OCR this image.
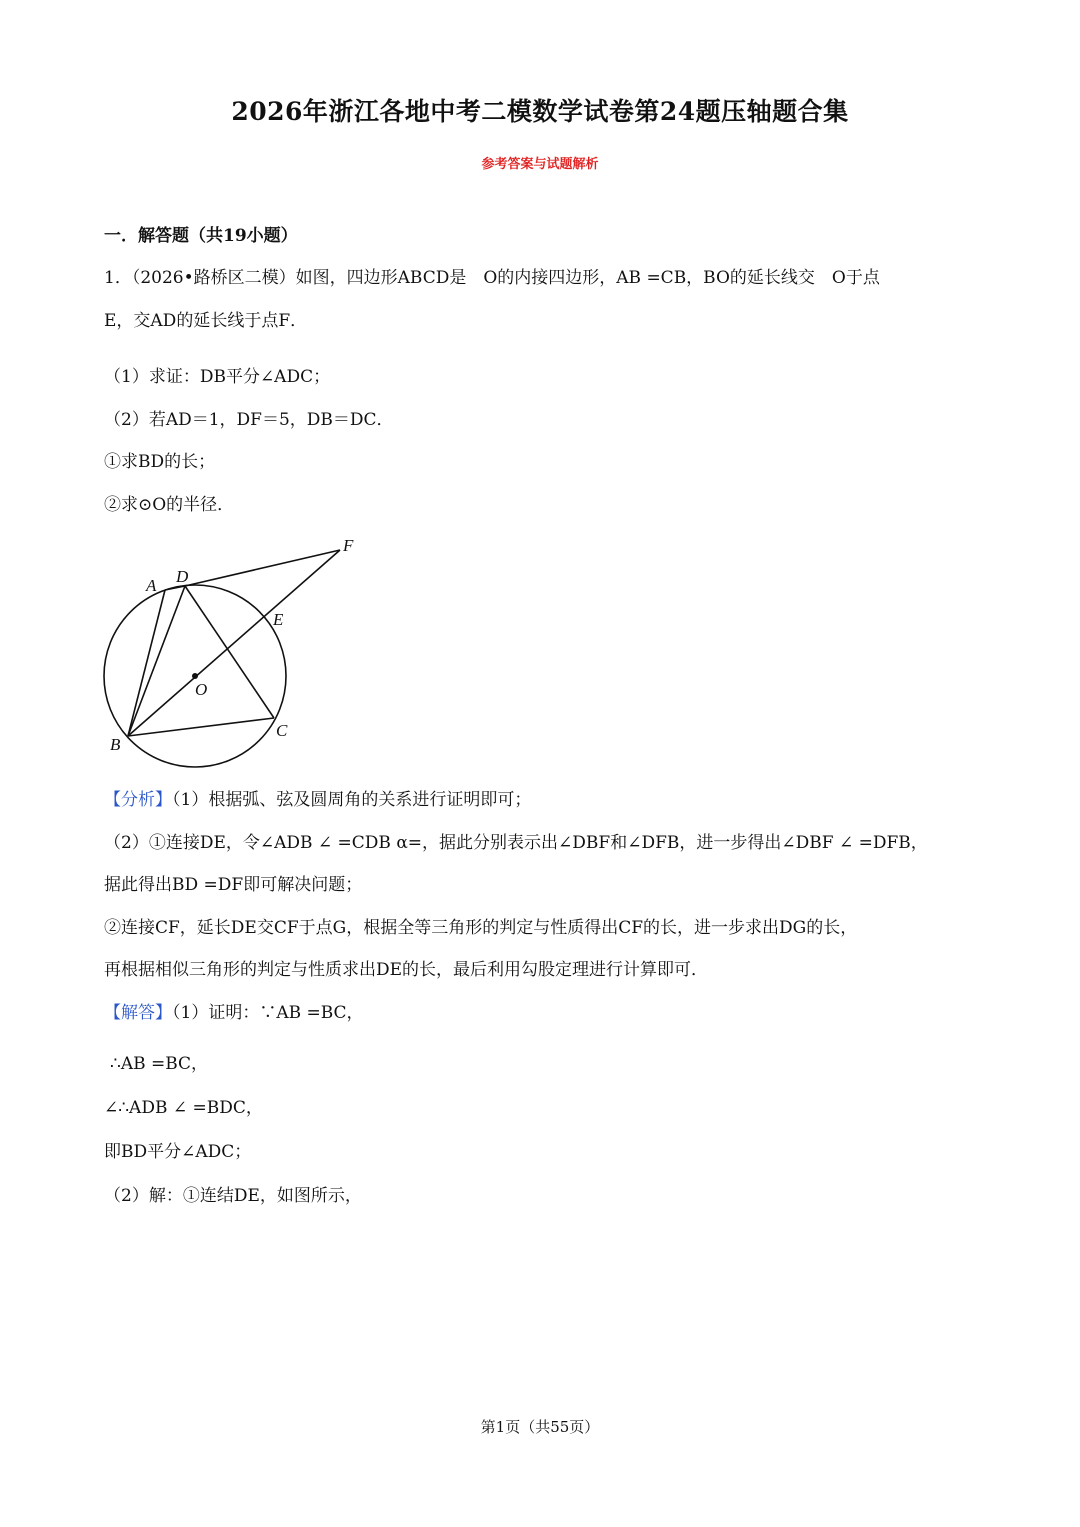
2026年浙江各地中考二模数学试卷第24题压轴题合集
参考答案与试题解析
一．解答题（共19小题）
1．（2026•路桥区二模）如图，四边形ABCD是　O的内接四边形，AB =CB，BO的延长线交　O于点
E，交AD的延长线于点F．
（1）求证：DB平分∠ADC；
（2）若AD＝1，DF＝5，DB＝DC．
①求BD的长；
②求⊙O的半径．
F
A D
E
O
C
B
【分析】（1）根据弧、弦及圆周角的关系进行证明即可；
（2）①连接DE，令∠ADB ∠ =CDB α=，据此分别表示出∠DBF和∠DFB，进一步得出∠DBF ∠ =DFB，
据此得出BD =DF即可解决问题；
②连接CF，延长DE交CF于点G，根据全等三角形的判定与性质得出CF的长，进一步求出DG的长，
再根据相似三角形的判定与性质求出DE的长，最后利用勾股定理进行计算即可．
【解答】（1）证明：∵AB =BC，
∴AB =BC，
∠∴ADB ∠ =BDC，
即BD平分∠ADC；
（2）解：①连结DE，如图所示，
第1页（共55页）
